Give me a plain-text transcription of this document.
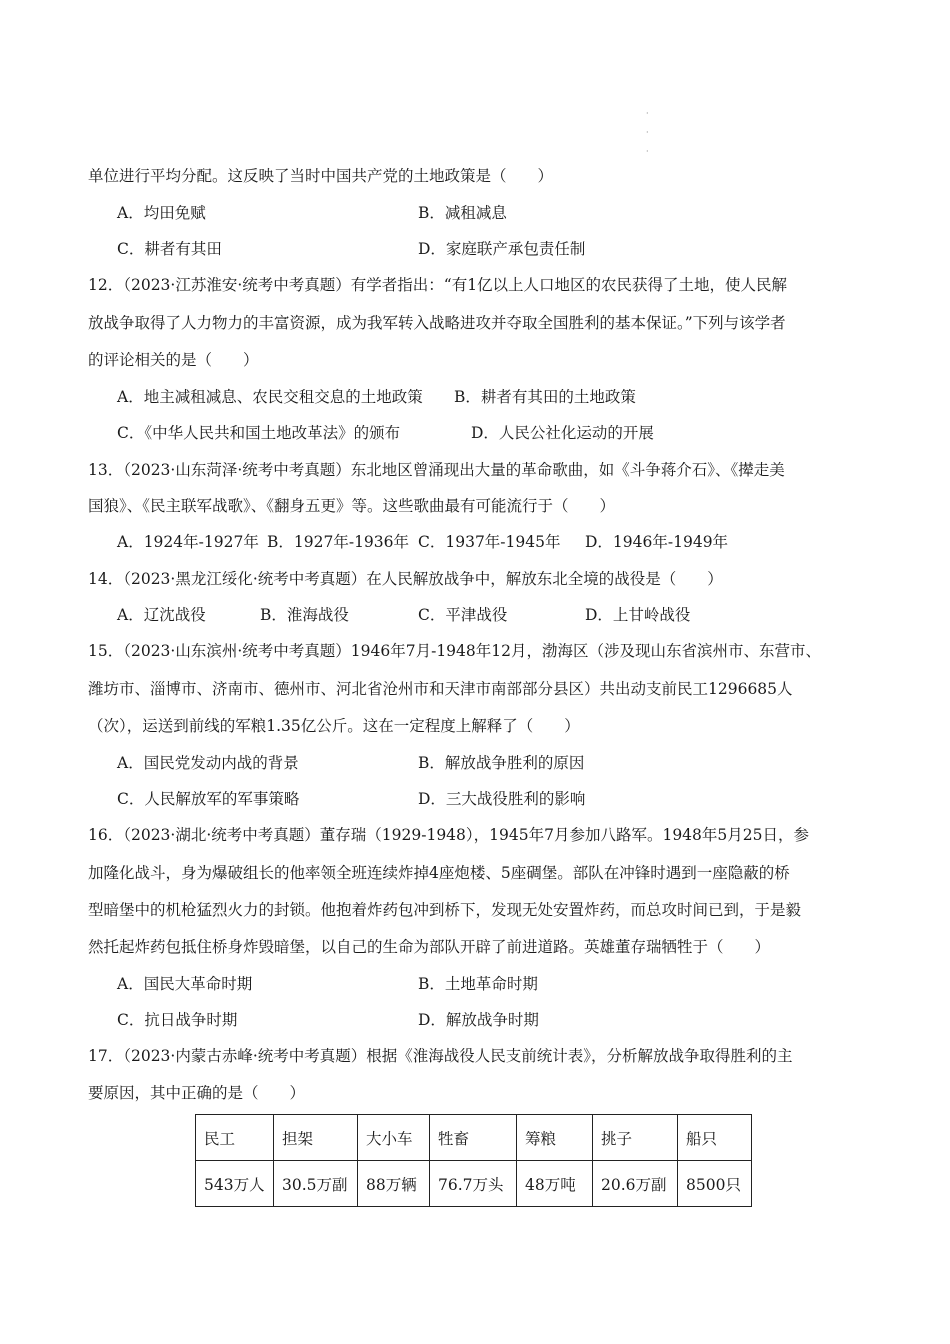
·
·
·
单位进行平均分配。这反映了当时中国共产党的土地政策是（　　）
A．均田免赋	B．减租减息
C．耕者有其田	D．家庭联产承包责任制
12．（2023·江苏淮安·统考中考真题）有学者指出：“有1亿以上人口地区的农民获得了土地，使人民解
放战争取得了人力物力的丰富资源，成为我军转入战略进攻并夺取全国胜利的基本保证。”下列与该学者
的评论相关的是（　　）
A．地主减租减息、农民交租交息的土地政策 B．耕者有其田的土地政策
C．《中华人民共和国土地改革法》的颁布	D．人民公社化运动的开展
13．（2023·山东菏泽·统考中考真题）东北地区曾涌现出大量的革命歌曲，如《斗争蒋介石》、《撵走美
国狼》、《民主联军战歌》、《翻身五更》等。这些歌曲最有可能流行于（　　）
A．1924年-1927年 B．1927年-1936年 C．1937年-1945年 D．1946年-1949年
14．（2023·黑龙江绥化·统考中考真题）在人民解放战争中，解放东北全境的战役是（　　）
A．辽沈战役	B．淮海战役	C．平津战役	D．上甘岭战役
15．（2023·山东滨州·统考中考真题）1946年7月-1948年12月，渤海区（涉及现山东省滨州市、东营市、
潍坊市、淄博市、济南市、德州市、河北省沧州市和天津市南部部分县区）共出动支前民工1296685人
（次），运送到前线的军粮1.35亿公斤。这在一定程度上解释了（　　）
A．国民党发动内战的背景	B．解放战争胜利的原因
C．人民解放军的军事策略	D．三大战役胜利的影响
16．（2023·湖北·统考中考真题）董存瑞（1929-1948），1945年7月参加八路军。1948年5月25日，参
加隆化战斗，身为爆破组长的他率领全班连续炸掉4座炮楼、5座碉堡。部队在冲锋时遇到一座隐蔽的桥
型暗堡中的机枪猛烈火力的封锁。他抱着炸药包冲到桥下，发现无处安置炸药，而总攻时间已到，于是毅
然托起炸药包抵住桥身炸毁暗堡，以自己的生命为部队开辟了前进道路。英雄董存瑞牺牲于（　　）
A．国民大革命时期	B．土地革命时期
C．抗日战争时期	D．解放战争时期
17．（2023·内蒙古赤峰·统考中考真题）根据《淮海战役人民支前统计表》，分析解放战争取得胜利的主
要原因，其中正确的是（　　）
民工	担架	大小车	牲畜	筹粮	挑子	船只
543万人	30.5万副	88万辆	76.7万头	48万吨	20.6万副	8500只
